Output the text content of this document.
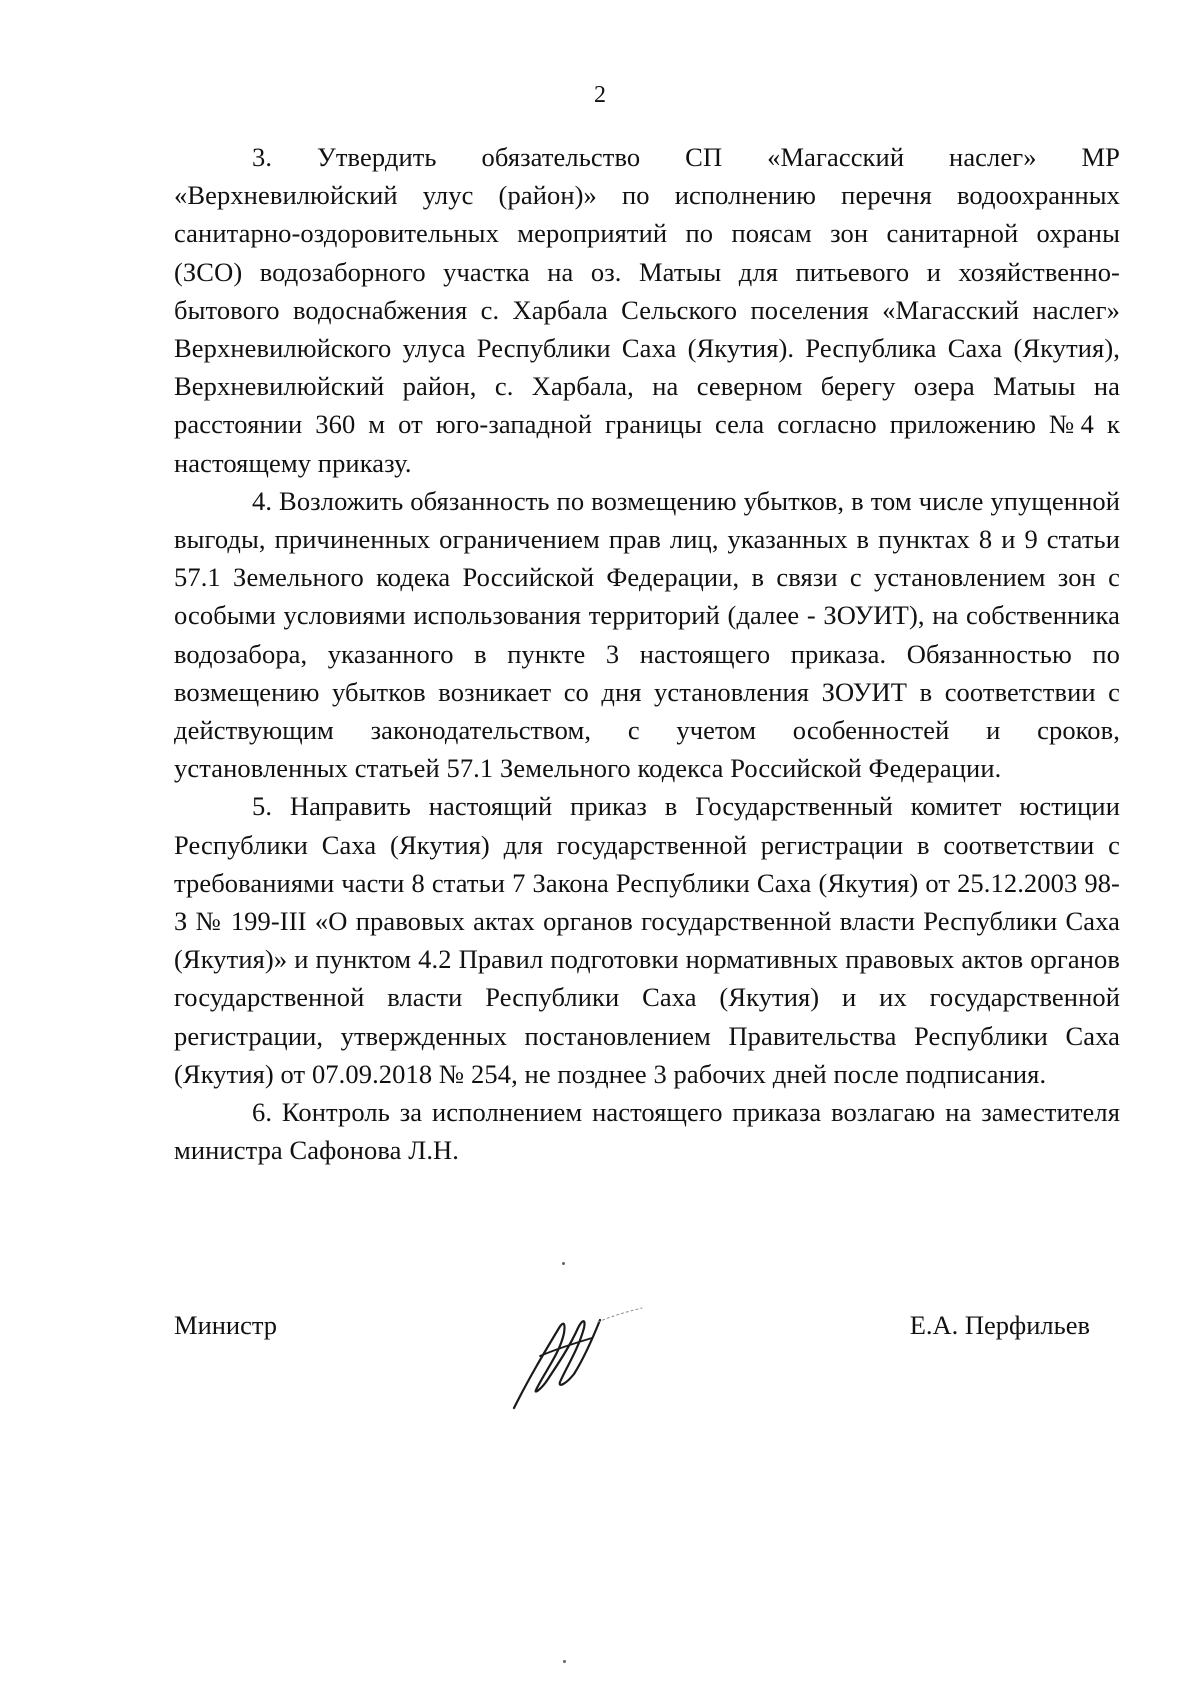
2

3. Утвердить обязательство СП «Магасский наслег» МР «Верхневилюйский улус (район)» по исполнению перечня водоохранных санитарно-оздоровительных мероприятий по поясам зон санитарной охраны (ЗСО) водозаборного участка на оз. Матыы для питьевого и хозяйственно-бытового водоснабжения с. Харбала Сельского поселения «Магасский наслег» Верхневилюйского улуса Республики Саха (Якутия). Республика Саха (Якутия), Верхневилюйский район, с. Харбала, на северном берегу озера Матыы на расстоянии 360 м от юго-западной границы села согласно приложению №4 к настоящему приказу.

4. Возложить обязанность по возмещению убытков, в том числе упущенной выгоды, причиненных ограничением прав лиц, указанных в пунктах 8 и 9 статьи 57.1 Земельного кодека Российской Федерации, в связи с установлением зон с особыми условиями использования территорий (далее - ЗОУИТ), на собственника водозабора, указанного в пункте 3 настоящего приказа. Обязанностью по возмещению убытков возникает со дня установления ЗОУИТ в соответствии с действующим законодательством, с учетом особенностей и сроков, установленных статьей 57.1 Земельного кодекса Российской Федерации.

5. Направить настоящий приказ в Государственный комитет юстиции Республики Саха (Якутия) для государственной регистрации в соответствии с требованиями части 8 статьи 7 Закона Республики Саха (Якутия) от 25.12.2003 98-З № 199-III «О правовых актах органов государственной власти Республики Саха (Якутия)» и пунктом 4.2 Правил подготовки нормативных правовых актов органов государственной власти Республики Саха (Якутия) и их государственной регистрации, утвержденных постановлением Правительства Республики Саха (Якутия) от 07.09.2018 № 254, не позднее 3 рабочих дней после подписания.

6. Контроль за исполнением настоящего приказа возлагаю на заместителя министра Сафонова Л.Н.

Министр	Е.А. Перфильев
